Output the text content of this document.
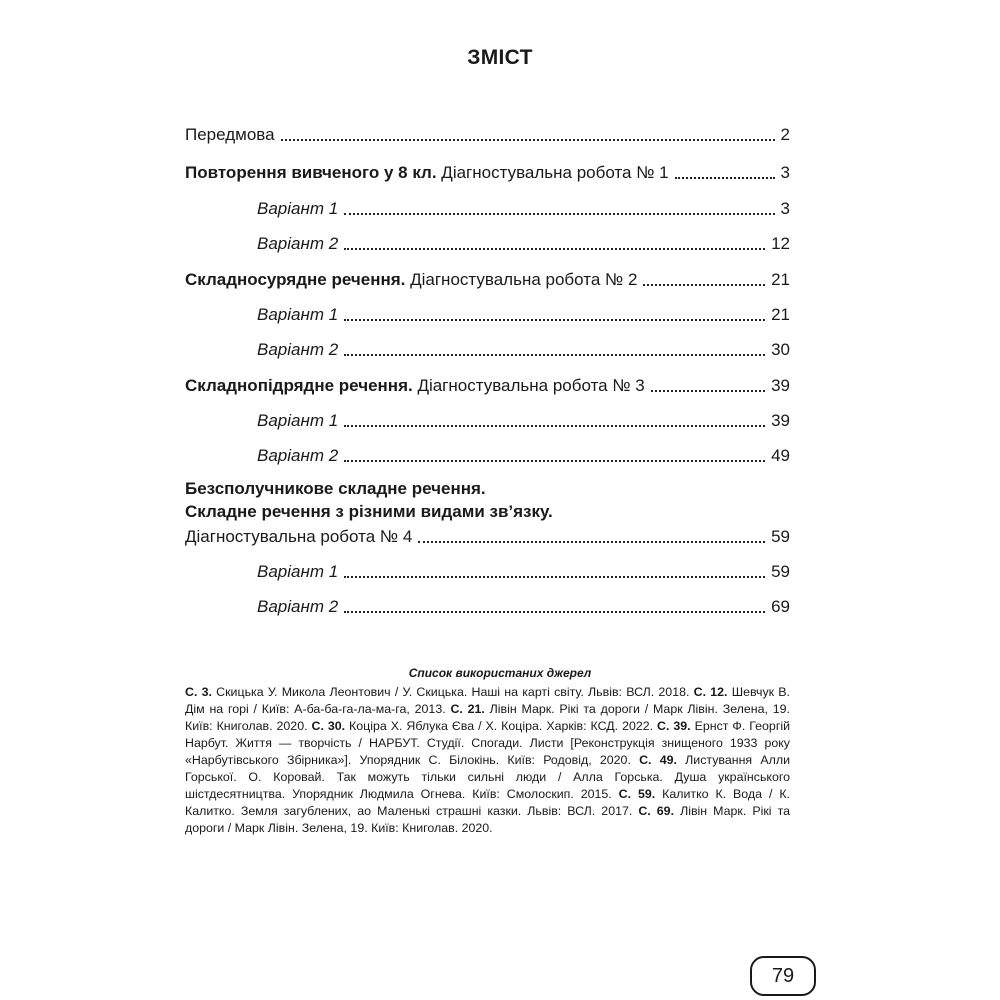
ЗМІСТ
Передмова	2
Повторення вивченого у 8 кл. Діагностувальна робота № 1	3
Варіант 1	3
Варіант 2	12
Складносурядне речення. Діагностувальна робота № 2	21
Варіант 1	21
Варіант 2	30
Складнопідрядне речення. Діагностувальна робота № 3	39
Варіант 1	39
Варіант 2	49
Безсполучникове складне речення.
Складне речення з різними видами зв’язку.
Діагностувальна робота № 4	59
Варіант 1	59
Варіант 2	69
Список використаних джерел
С. 3. Скицька У. Микола Леонтович / У. Скицька. Наші на карті світу. Львів: ВСЛ. 2018. С. 12. Шевчук В. Дім на горі / Київ: А-ба-ба-га-ла-ма-га, 2013. С. 21. Лівін Марк. Рікі та дороги / Марк Лівін. Зелена, 19. Київ: Книголав. 2020. С. 30. Коціра Х. Яблука Єва / Х. Коціра. Харків: КСД. 2022. С. 39. Ернст Ф. Георгій Нарбут. Життя — творчість / НАРБУТ. Студії. Спогади. Листи [Реконструкція знищеного 1933 року «Нарбутівського Збірника»]. Упорядник С. Білокінь. Київ: Родовід, 2020. С. 49. Листування Алли Горської. О. Коровай. Так можуть тільки сильні люди / Алла Горська. Душа українського шістдесятництва. Упорядник Людмила Огнева. Київ: Смолоскип. 2015. С. 59. Калитко К. Вода / К. Калитко. Земля загублених, ао Маленькі страшні казки. Львів: ВСЛ. 2017. С. 69. Лівін Марк. Рікі та дороги / Марк Лівін. Зелена, 19. Київ: Книголав. 2020.
79
